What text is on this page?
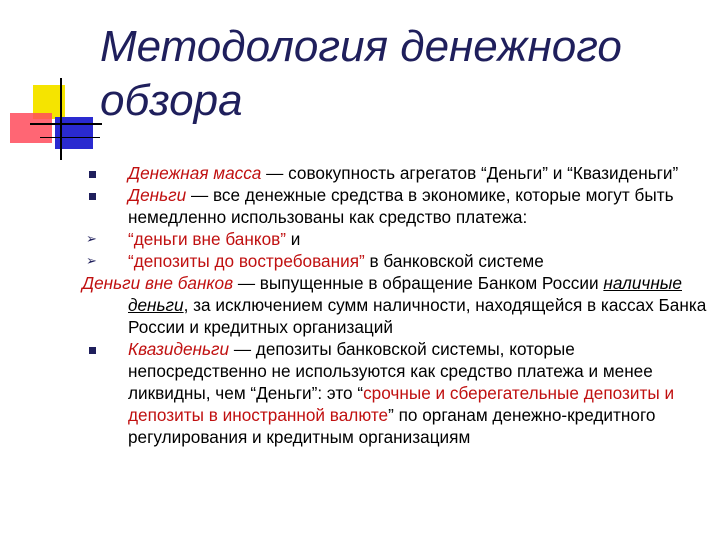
Методология денежного обзора
Денежная масса — совокупность агрегатов “Деньги” и “Квазиденьги”
Деньги — все денежные средства в экономике, которые могут быть немедленно использованы как средство платежа:
➢ “деньги вне банков” и
➢ “депозиты до востребования” в банковской системе
Деньги вне банков — выпущенные в обращение Банком России наличные деньги, за исключением сумм наличности, находящейся в кассах Банка России и кредитных организаций
Квазиденьги — депозиты банковской системы, которые непосредственно не используются как средство платежа и менее ликвидны, чем “Деньги”: это “срочные и сберегательные депозиты и депозиты в иностранной валюте” по органам денежно-кредитного регулирования и кредитным организациям
